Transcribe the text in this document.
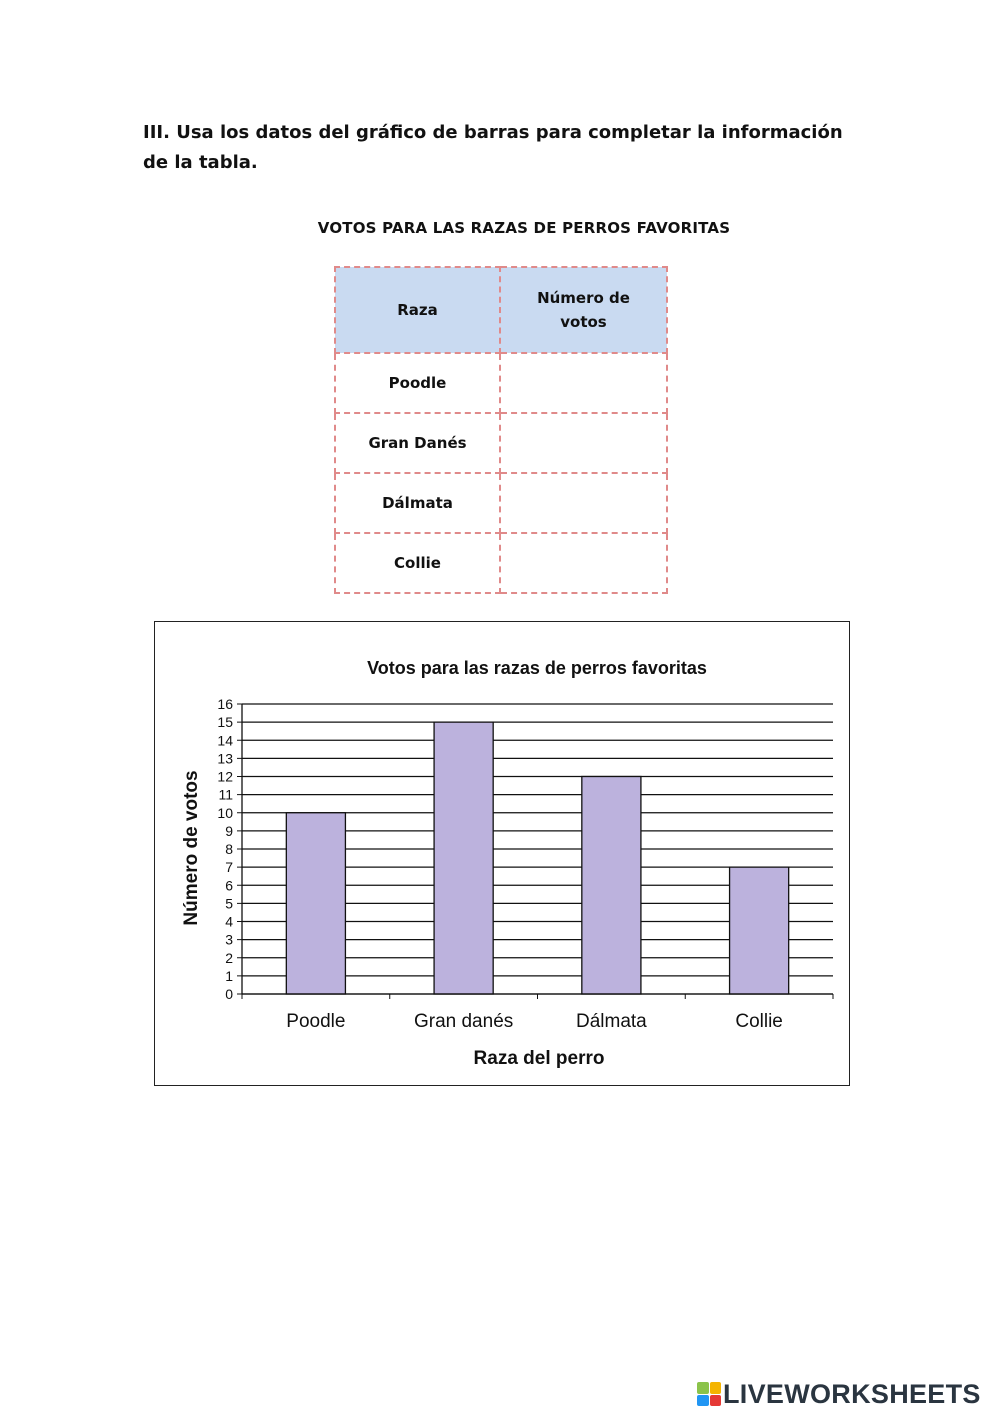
III. Usa los datos del gráfico de barras para completar la información de la tabla.
VOTOS PARA LAS RAZAS DE PERROS FAVORITAS
Raza	Número de votos

Poodle	
Gran Danés	
Dálmata	
Collie	
Votos para las razas de perros favoritas
0
1
2
3
4
5
6
7
8
9
10
11
12
13
14
15
16
Poodle	Gran danés	Dálmata	Collie
Raza del perro
Número de votos
LIVEWORKSHEETS
